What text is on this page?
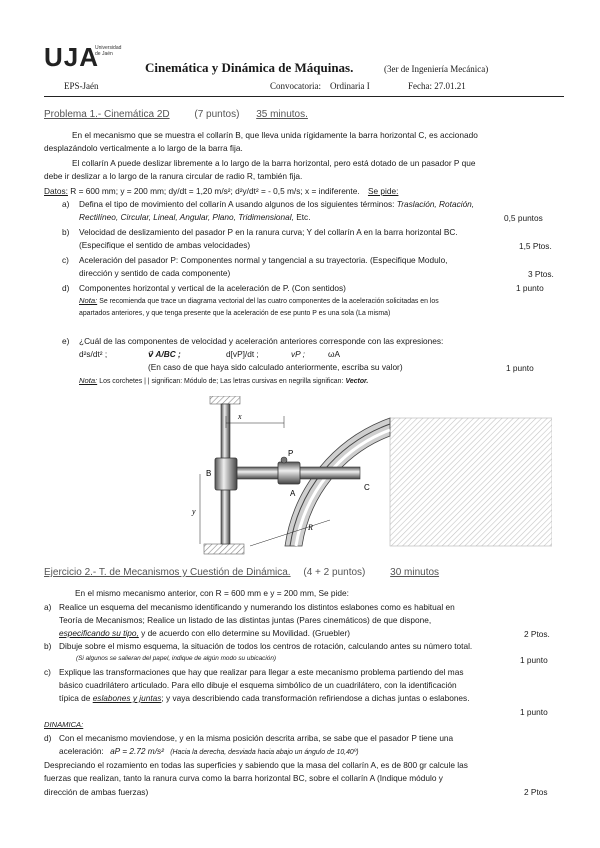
UJA
Universidad
de Jaén
Cinemática y Dinámica de Máquinas.	(3er de Ingeniería Mecánica)
EPS-Jaén	Convocatoria: Ordinaria I	Fecha: 27.01.21
Problema 1.- Cinemática 2D (7 puntos) 35 minutos.
En el mecanismo que se muestra el collarín B, que lleva unida rígidamente la barra horizontal C, es accionado
desplazándolo verticalmente a lo largo de la barra fija.
El collarín A puede deslizar libremente a lo largo de la barra horizontal, pero está dotado de un pasador P que
debe ir deslizar a lo largo de la ranura circular de radio R, también fija.
Datos: R = 600 mm; y = 200 mm; dy/dt = 1,20 m/s²; d²y/dt² = - 0,5 m/s; x = indiferente. Se pide:
a) Defina el tipo de movimiento del collarín A usando algunos de los siguientes términos: Traslación, Rotación,
Rectilíneo, Circular, Lineal, Angular, Plano, Tridimensional, Etc.	0,5 puntos
b) Velocidad de deslizamiento del pasador P en la ranura curva; Y del collarín A en la barra horizontal BC.
(Especifique el sentido de ambas velocidades)	1,5 Ptos.
c) Aceleración del pasador P: Componentes normal y tangencial a su trayectoria. (Especifique Modulo,
dirección y sentido de cada componente)	3 Ptos.
d) Componentes horizontal y vertical de la aceleración de P. (Con sentidos)	1 punto
Nota: Se recomienda que trace un diagrama vectorial del las cuatro componentes de la aceleración solicitadas en los
apartados anteriores, y que tenga presente que la aceleración de ese punto P es una sola (La misma)
e) ¿Cuál de las componentes de velocidad y aceleración anteriores corresponde con las expresiones:
d²s/dt² ;	v⃗ A/BC ;	d[vP]/dt ;	vP ;	ωA
(En caso de que haya sido calculado anteriormente, escriba su valor)	1 punto
Nota: Los corchetes | | significan: Módulo de; Las letras cursivas en negrilla significan: Vector.
x
B
P
A
C
y
R
Ejercicio 2.- T. de Mecanismos y Cuestión de Dinámica. (4 + 2 puntos) 30 minutos
En el mismo mecanismo anterior, con R = 600 mm e y = 200 mm, Se pide:
a) Realice un esquema del mecanismo identificando y numerando los distintos eslabones como es habitual en
Teoría de Mecanismos; Realice un listado de las distintas juntas (Pares cinemáticos) de que dispone,
especificando su tipo, y de acuerdo con ello determine su Movilidad. (Gruebler)	2 Ptos.
b) Dibuje sobre el mismo esquema, la situación de todos los centros de rotación, calculando antes su número total.
(Si algunos se salieran del papel, indique de algún modo su ubicación)	1 punto
c) Explique las transformaciones que hay que realizar para llegar a este mecanismo problema partiendo del mas
básico cuadrilátero articulado. Para ello dibuje el esquema simbólico de un cuadrilátero, con la identificación
típica de eslabones y juntas; y vaya describiendo cada transformación refiriendose a dichas juntas o eslabones.
1 punto
DINAMICA:
d) Con el mecanismo moviendose, y en la misma posición descrita arriba, se sabe que el pasador P tiene una
aceleración: aP = 2.72 m/s² (Hacia la derecha, desviada hacia abajo un ángulo de 10,40º)
Despreciando el rozamiento en todas las superficies y sabiendo que la masa del collarín A, es de 800 gr calcule las
fuerzas que realizan, tanto la ranura curva como la barra horizontal BC, sobre el collarín A (Indique módulo y
dirección de ambas fuerzas)	2 Ptos
